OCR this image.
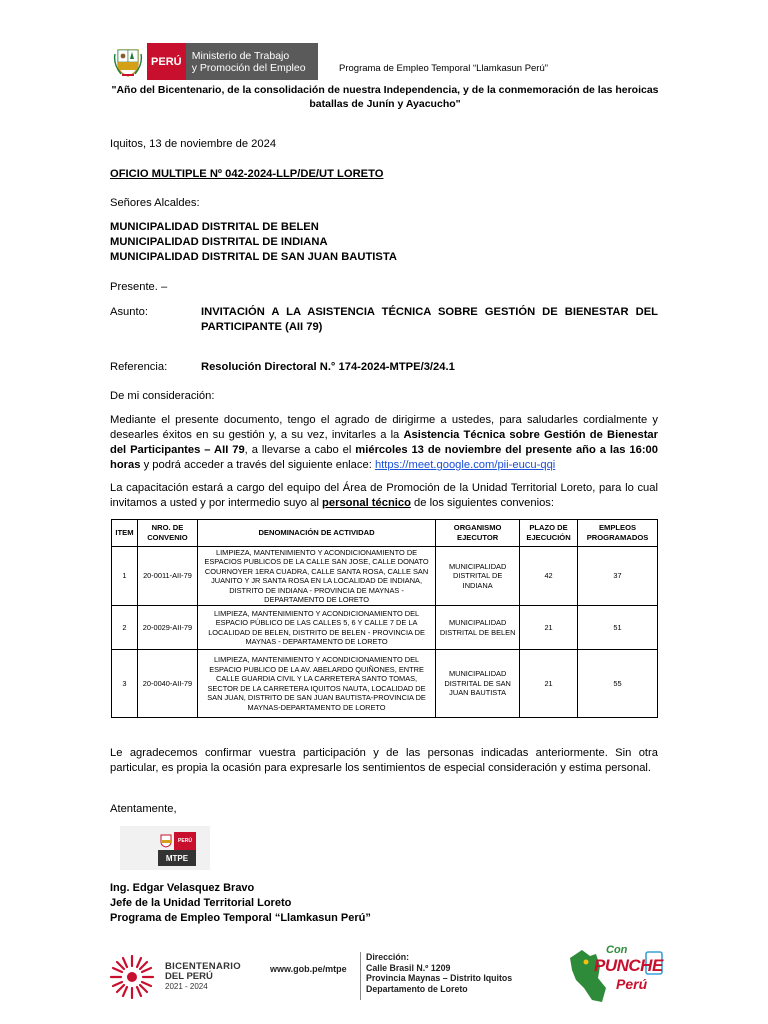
PERÚ Ministerio de Trabajo
y Promoción del Empleo	Programa de Empleo Temporal “Llamkasun Perú”
"Año del Bicentenario, de la consolidación de nuestra Independencia, y de la conmemoración de las heroicas
batallas de Junín y Ayacucho"
Iquitos, 13 de noviembre de 2024
OFICIO MULTIPLE Nº 042-2024-LLP/DE/UT LORETO
Señores Alcaldes:
MUNICIPALIDAD DISTRITAL DE BELEN
MUNICIPALIDAD DISTRITAL DE INDIANA
MUNICIPALIDAD DISTRITAL DE SAN JUAN BAUTISTA
Presente. –
Asunto:	INVITACIÓN A LA ASISTENCIA TÉCNICA SOBRE GESTIÓN DE BIENESTAR DEL
PARTICIPANTE (AII 79)
Referencia:	Resolución Directoral N.° 174-2024-MTPE/3/24.1
De mi consideración:
Mediante el presente documento, tengo el agrado de dirigirme a ustedes, para saludarles cordialmente y desearles éxitos en su gestión y, a su vez, invitarles a la Asistencia Técnica sobre Gestión de Bienestar del Participantes – AII 79, a llevarse a cabo el miércoles 13 de noviembre del presente año a las 16:00 horas y podrá acceder a través del siguiente enlace: https://meet.google.com/pii-eucu-qqi
La capacitación estará a cargo del equipo del Área de Promoción de la Unidad Territorial Loreto, para lo cual invitamos a usted y por intermedio suyo al personal técnico de los siguientes convenios:
ITEM	NRO. DE CONVENIO	DENOMINACIÓN DE ACTIVIDAD	ORGANISMO EJECUTOR	PLAZO DE EJECUCIÓN	EMPLEOS PROGRAMADOS
1	20-0011-AII-79	LIMPIEZA, MANTENIMIENTO Y ACONDICIONAMIENTO DE ESPACIOS PUBLICOS DE LA CALLE SAN JOSE, CALLE DONATO COURNOYER 1ERA CUADRA, CALLE SANTA ROSA, CALLE SAN JUANITO Y JR SANTA ROSA EN LA LOCALIDAD DE INDIANA, DISTRITO DE INDIANA - PROVINCIA DE MAYNAS - DEPARTAMENTO DE LORETO	MUNICIPALIDAD DISTRITAL DE INDIANA	42	37
2	20-0029-AII-79	LIMPIEZA, MANTENIMIENTO Y ACONDICIONAMIENTO DEL ESPACIO PÚBLICO DE LAS CALLES 5, 6 Y CALLE 7 DE LA LOCALIDAD DE BELEN, DISTRITO DE BELEN - PROVINCIA DE MAYNAS - DEPARTAMENTO DE LORETO	MUNICIPALIDAD DISTRITAL DE BELEN	21	51
3	20-0040-AII-79	LIMPIEZA, MANTENIMIENTO Y ACONDICIONAMIENTO DEL ESPACIO PUBLICO DE LA AV. ABELARDO QUIÑONES, ENTRE CALLE GUARDIA CIVIL Y LA CARRETERA SANTO TOMAS, SECTOR DE LA CARRETERA IQUITOS NAUTA, LOCALIDAD DE SAN JUAN, DISTRITO DE SAN JUAN BAUTISTA-PROVINCIA DE MAYNAS-DEPARTAMENTO DE LORETO	MUNICIPALIDAD DISTRITAL DE SAN JUAN BAUTISTA	21	55
Le agradecemos confirmar vuestra participación y de las personas indicadas anteriormente. Sin otra particular, es propia la ocasión para expresarle los sentimientos de especial consideración y estima personal.
Atentamente,
PERÚ
MTPE
Ing. Edgar Velasquez Bravo
Jefe de la Unidad Territorial Loreto
Programa de Empleo Temporal “Llamkasun Perú”
BICENTENARIO
DEL PERÚ
2021 - 2024
www.gob.pe/mtpe
Dirección:
Calle Brasil N.º 1209
Provincia Maynas – Distrito Iquitos
Departamento de Loreto
Con
PUNCHE
Perú
